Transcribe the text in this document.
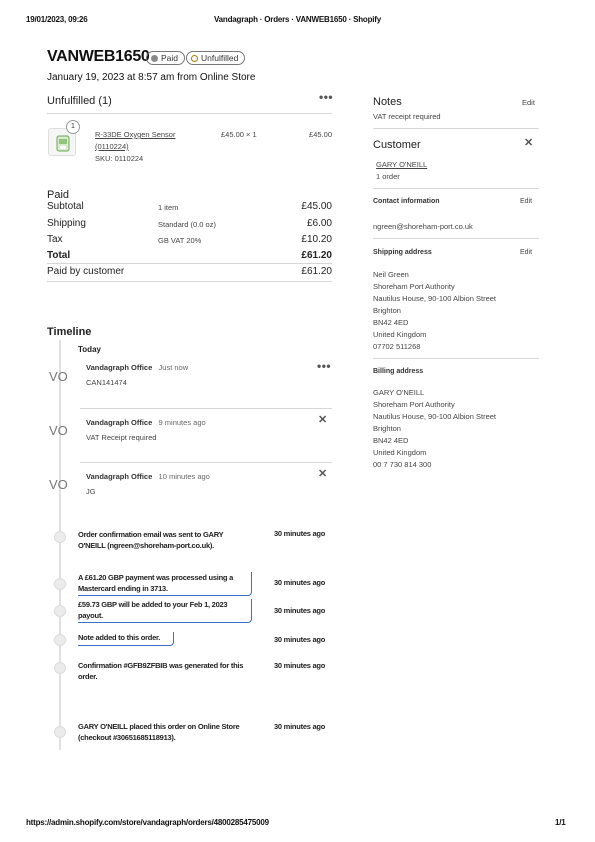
19/01/2023, 09:26	Vandagraph · Orders · VANWEB1650 · Shopify
VANWEB1650 Paid	Unfulfilled
January 19, 2023 at 8:57 am from Online Store
Unfulfilled (1)	•••
1
R-33DE Oxygen Sensor
(0110224)
SKU: 0110224
£45.00 × 1	£45.00
Paid
Subtotal	1 item	£45.00
Shipping	Standard (0.0 oz)	£6.00
Tax	GB VAT 20%	£10.20
Total	£61.20
Paid by customer	£61.20
Timeline
Today
VO
Vandagraph Office Just now
CAN141474
•••
VO
Vandagraph Office 9 minutes ago
VAT Receipt required
✕
VO
Vandagraph Office 10 minutes ago
JG
✕
Order confirmation email was sent to GARY
O'NEILL (ngreen@shoreham-port.co.uk).
30 minutes ago
A £61.20 GBP payment was processed using a
Mastercard ending in 3713.
30 minutes ago
£59.73 GBP will be added to your Feb 1, 2023
payout.
30 minutes ago
Note added to this order.	30 minutes ago
Confirmation #GFB9ZFBIB was generated for this
order.
30 minutes ago
GARY O'NEILL placed this order on Online Store
(checkout #30651685118913).
30 minutes ago
Notes	Edit
VAT receipt required
Customer	✕
GARY O'NEILL
1 order
Contact information	Edit
ngreen@shoreham-port.co.uk
Shipping address	Edit
Neil Green
Shoreham Port Authority
Nautilus House, 90-100 Albion Street
Brighton
BN42 4ED
United Kingdom
07702 511268
Billing address
GARY O'NEILL
Shoreham Port Authority
Nautilus House, 90-100 Albion Street
Brighton
BN42 4ED
United Kingdom
00 7 730 814 300
https://admin.shopify.com/store/vandagraph/orders/4800285475009	1/1
